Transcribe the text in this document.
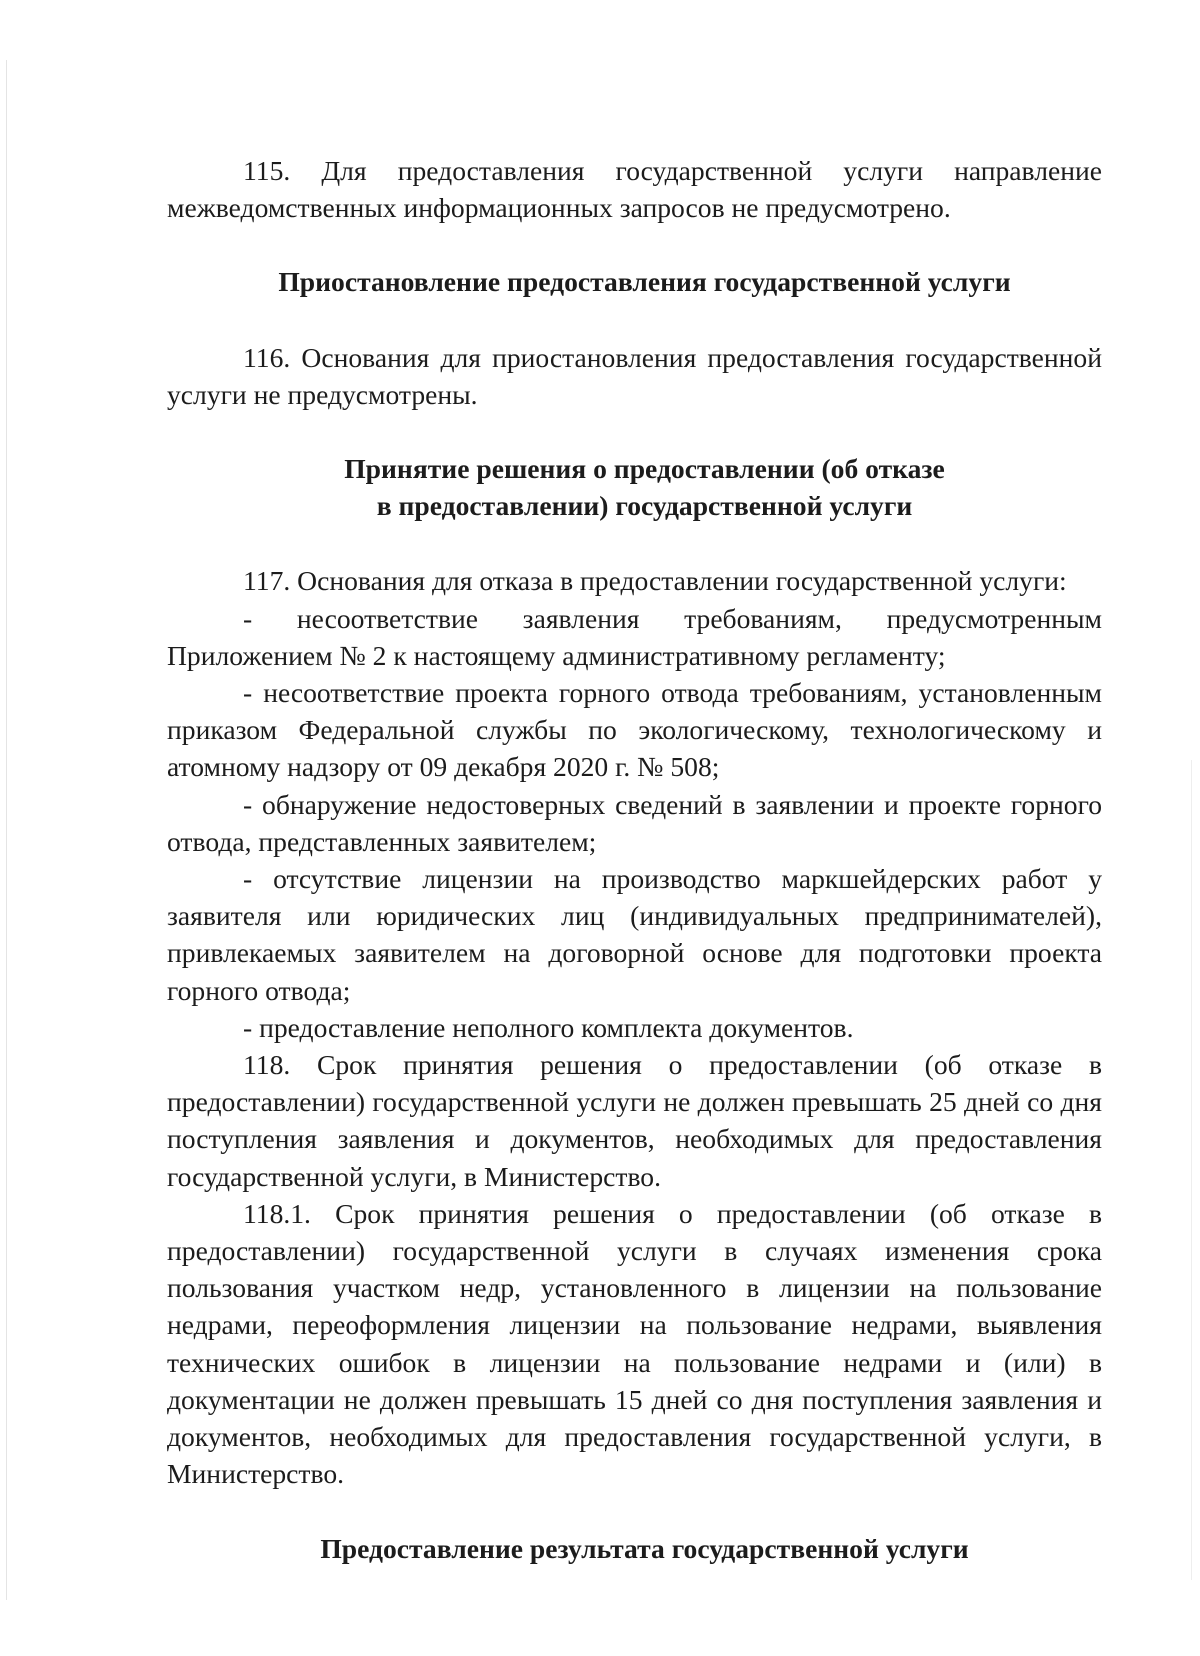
115. Для предоставления государственной услуги направление межведомственных информационных запросов не предусмотрено.

Приостановление предоставления государственной услуги

116. Основания для приостановления предоставления государственной услуги не предусмотрены.

Принятие решения о предоставлении (об отказе

в предоставлении) государственной услуги

117. Основания для отказа в предоставлении государственной услуги:

- несоответствие заявления требованиям, предусмотренным Приложением № 2 к настоящему административному регламенту;

- несоответствие проекта горного отвода требованиям, установленным приказом Федеральной службы по экологическому, технологическому и атомному надзору от 09 декабря 2020 г. № 508;

- обнаружение недостоверных сведений в заявлении и проекте горного отвода, представленных заявителем;

- отсутствие лицензии на производство маркшейдерских работ у заявителя или юридических лиц (индивидуальных предпринимателей), привлекаемых заявителем на договорной основе для подготовки проекта горного отвода;

- предоставление неполного комплекта документов.

118. Срок принятия решения о предоставлении (об отказе в предоставлении) государственной услуги не должен превышать 25 дней со дня поступления заявления и документов, необходимых для предоставления государственной услуги, в Министерство.

118.1. Срок принятия решения о предоставлении (об отказе в предоставлении) государственной услуги в случаях изменения срока пользования участком недр, установленного в лицензии на пользование недрами, переоформления лицензии на пользование недрами, выявления технических ошибок в лицензии на пользование недрами и (или) в документации не должен превышать 15 дней со дня поступления заявления и документов, необходимых для предоставления государственной услуги, в Министерство.

Предоставление результата государственной услуги
